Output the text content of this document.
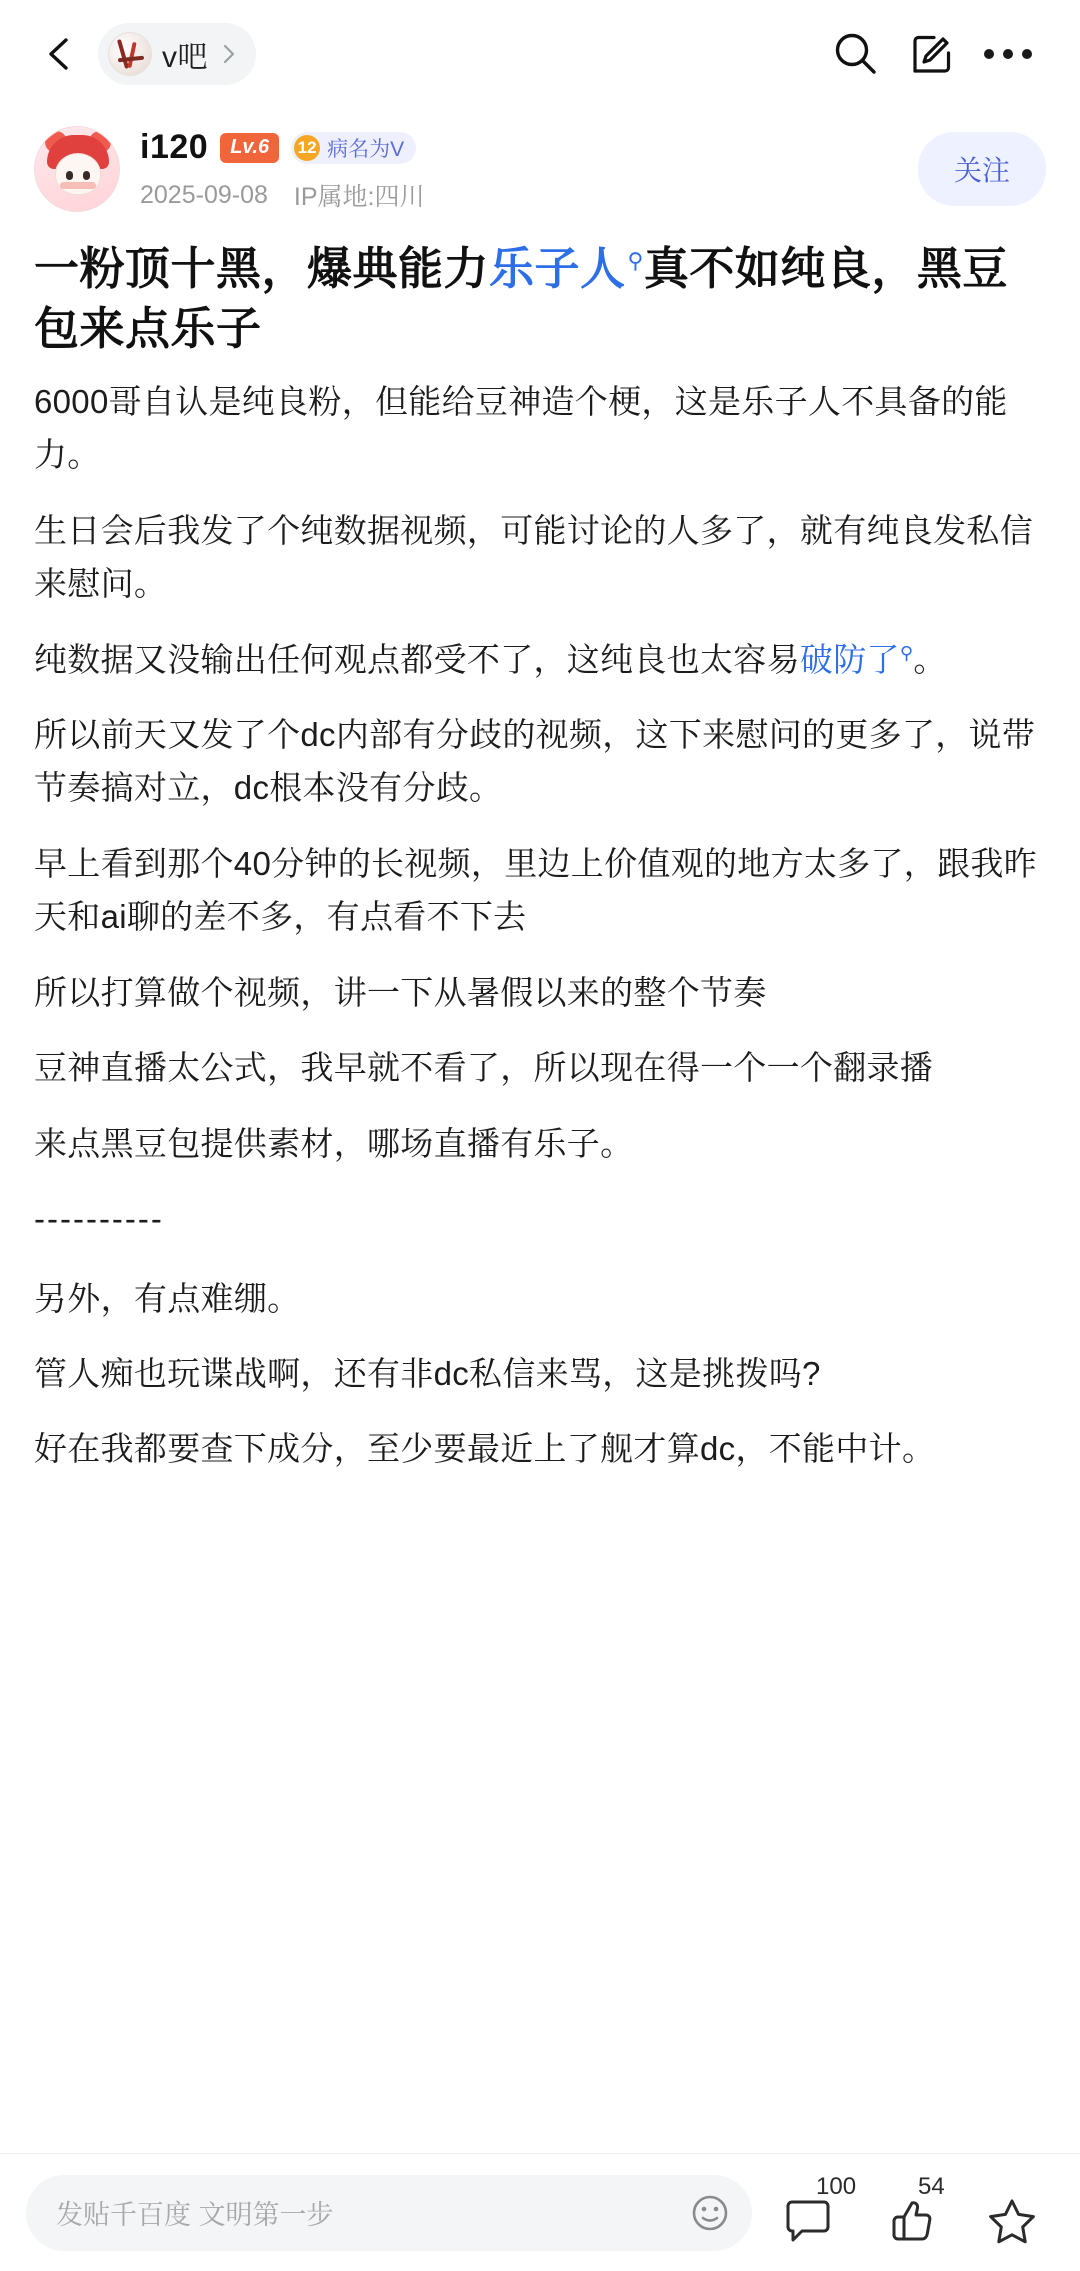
v吧
i120	Lv.6	12 病名为V
2025-09-08 IP属地:四川
关注
一粉顶十黑，爆典能力乐子人⚲真不如纯良，黑豆包来点乐子

6000哥自认是纯良粉，但能给豆神造个梗，这是乐子人不具备的能力。

生日会后我发了个纯数据视频，可能讨论的人多了，就有纯良发私信来慰问。

纯数据又没输出任何观点都受不了，这纯良也太容易破防了⚲。

所以前天又发了个dc内部有分歧的视频，这下来慰问的更多了，说带节奏搞对立，dc根本没有分歧。

早上看到那个40分钟的长视频，里边上价值观的地方太多了，跟我昨天和ai聊的差不多，有点看不下去

所以打算做个视频，讲一下从暑假以来的整个节奏

豆神直播太公式，我早就不看了，所以现在得一个一个翻录播

来点黑豆包提供素材，哪场直播有乐子。

----------

另外，有点难绷。

管人痴也玩谍战啊，还有非dc私信来骂，这是挑拨吗?

好在我都要查下成分，至少要最近上了舰才算dc，不能中计。

发贴千百度 文明第一步
100	54
